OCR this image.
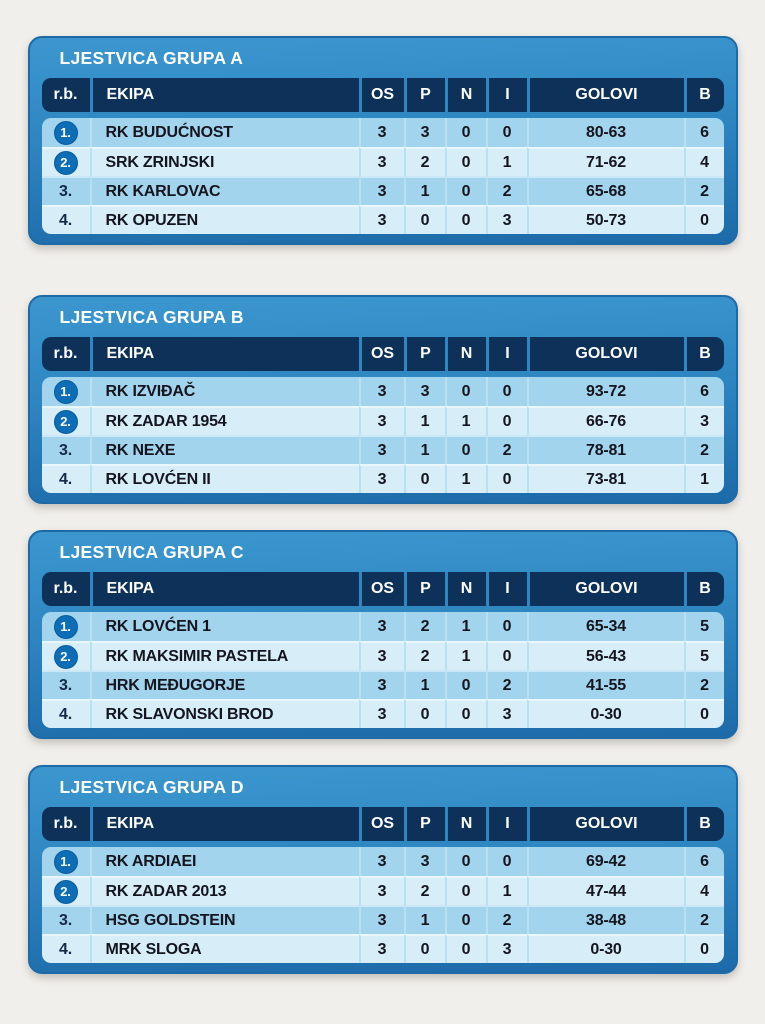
LJESTVICA GRUPA A
r.b.	EKIPA	OS	P	N	I	GOLOVI	B
1.	RK BUDUĆNOST	3	3	0	0	80-63	6
2.	SRK ZRINJSKI	3	2	0	1	71-62	4
3.	RK KARLOVAC	3	1	0	2	65-68	2
4.	RK OPUZEN	3	0	0	3	50-73	0
LJESTVICA GRUPA B
r.b.	EKIPA	OS	P	N	I	GOLOVI	B
1.	RK IZVIĐAČ	3	3	0	0	93-72	6
2.	RK ZADAR 1954	3	1	1	0	66-76	3
3.	RK NEXE	3	1	0	2	78-81	2
4.	RK LOVĆEN II	3	0	1	0	73-81	1
LJESTVICA GRUPA C
r.b.	EKIPA	OS	P	N	I	GOLOVI	B
1.	RK LOVĆEN 1	3	2	1	0	65-34	5
2.	RK MAKSIMIR PASTELA	3	2	1	0	56-43	5
3.	HRK MEĐUGORJE	3	1	0	2	41-55	2
4.	RK SLAVONSKI BROD	3	0	0	3	0-30	0
LJESTVICA GRUPA D
r.b.	EKIPA	OS	P	N	I	GOLOVI	B
1.	RK ARDIAEI	3	3	0	0	69-42	6
2.	RK ZADAR 2013	3	2	0	1	47-44	4
3.	HSG GOLDSTEIN	3	1	0	2	38-48	2
4.	MRK SLOGA	3	0	0	3	0-30	0
